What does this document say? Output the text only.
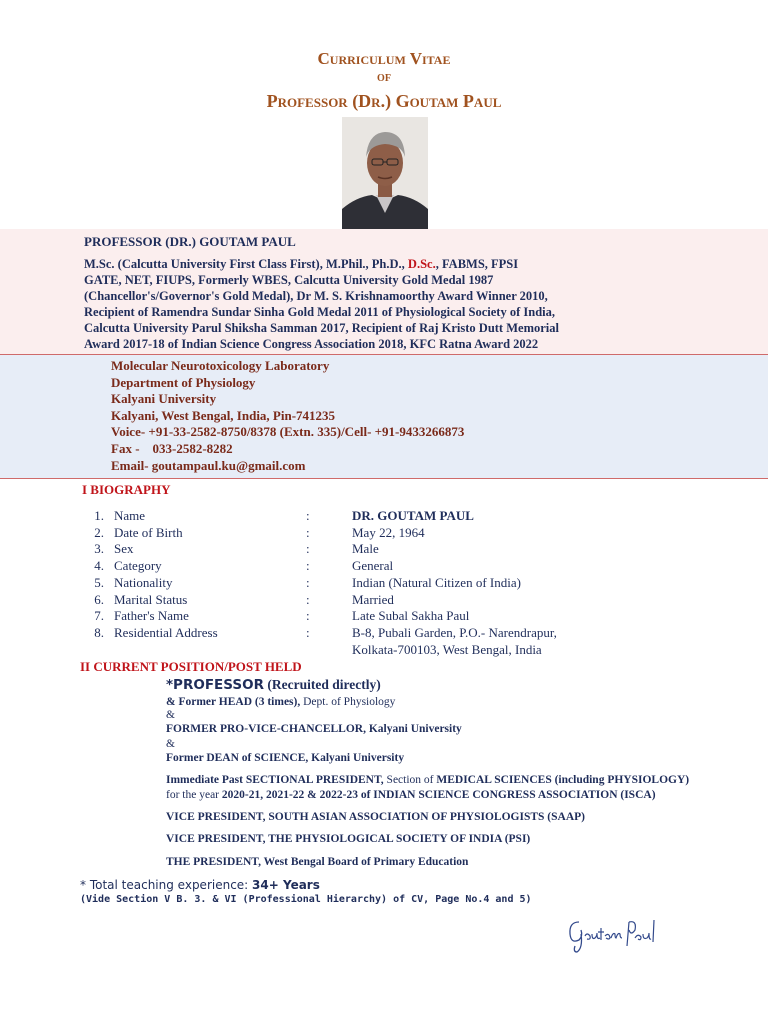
Curriculum Vitae
of
Professor (Dr.) Goutam Paul
PROFESSOR (DR.) GOUTAM PAUL
M.Sc. (Calcutta University First Class First), M.Phil., Ph.D., D.Sc., FABMS, FPSI
GATE, NET, FIUPS, Formerly WBES, Calcutta University Gold Medal 1987
(Chancellor's/Governor's Gold Medal), Dr M. S. Krishnamoorthy Award Winner 2010,
Recipient of Ramendra Sundar Sinha Gold Medal 2011 of Physiological Society of India,
Calcutta University Parul Shiksha Samman 2017, Recipient of Raj Kristo Dutt Memorial
Award 2017-18 of Indian Science Congress Association 2018, KFC Ratna Award 2022
Molecular Neurotoxicology Laboratory
Department of Physiology
Kalyani University
Kalyani, West Bengal, India, Pin-741235
Voice- +91-33-2582-8750/8378 (Extn. 335)/Cell- +91-9433266873
Fax -    033-2582-8282
Email- goutampaul.ku@gmail.com
I BIOGRAPHY
1. Name	:	DR. GOUTAM PAUL
2. Date of Birth	:	May 22, 1964
3. Sex	:	Male
4. Category	:	General
5. Nationality	:	Indian (Natural Citizen of India)
6. Marital Status	:	Married
7. Father's Name	:	Late Subal Sakha Paul
8. Residential Address	:	B-8, Pubali Garden, P.O.- Narendrapur,
Kolkata-700103, West Bengal, India
II CURRENT POSITION/POST HELD
*PROFESSOR (Recruited directly)
& Former HEAD (3 times), Dept. of Physiology
&
FORMER PRO-VICE-CHANCELLOR, Kalyani University
&
Former DEAN of SCIENCE, Kalyani University
Immediate Past SECTIONAL PRESIDENT, Section of MEDICAL SCIENCES (including PHYSIOLOGY)
for the year 2020-21, 2021-22 & 2022-23 of INDIAN SCIENCE CONGRESS ASSOCIATION (ISCA)
VICE PRESIDENT, SOUTH ASIAN ASSOCIATION OF PHYSIOLOGISTS (SAAP)
VICE PRESIDENT, THE PHYSIOLOGICAL SOCIETY OF INDIA (PSI)
THE PRESIDENT, West Bengal Board of Primary Education
* Total teaching experience: 34+ Years
(Vide Section V B. 3. & VI (Professional Hierarchy) of CV, Page No.4 and 5)
